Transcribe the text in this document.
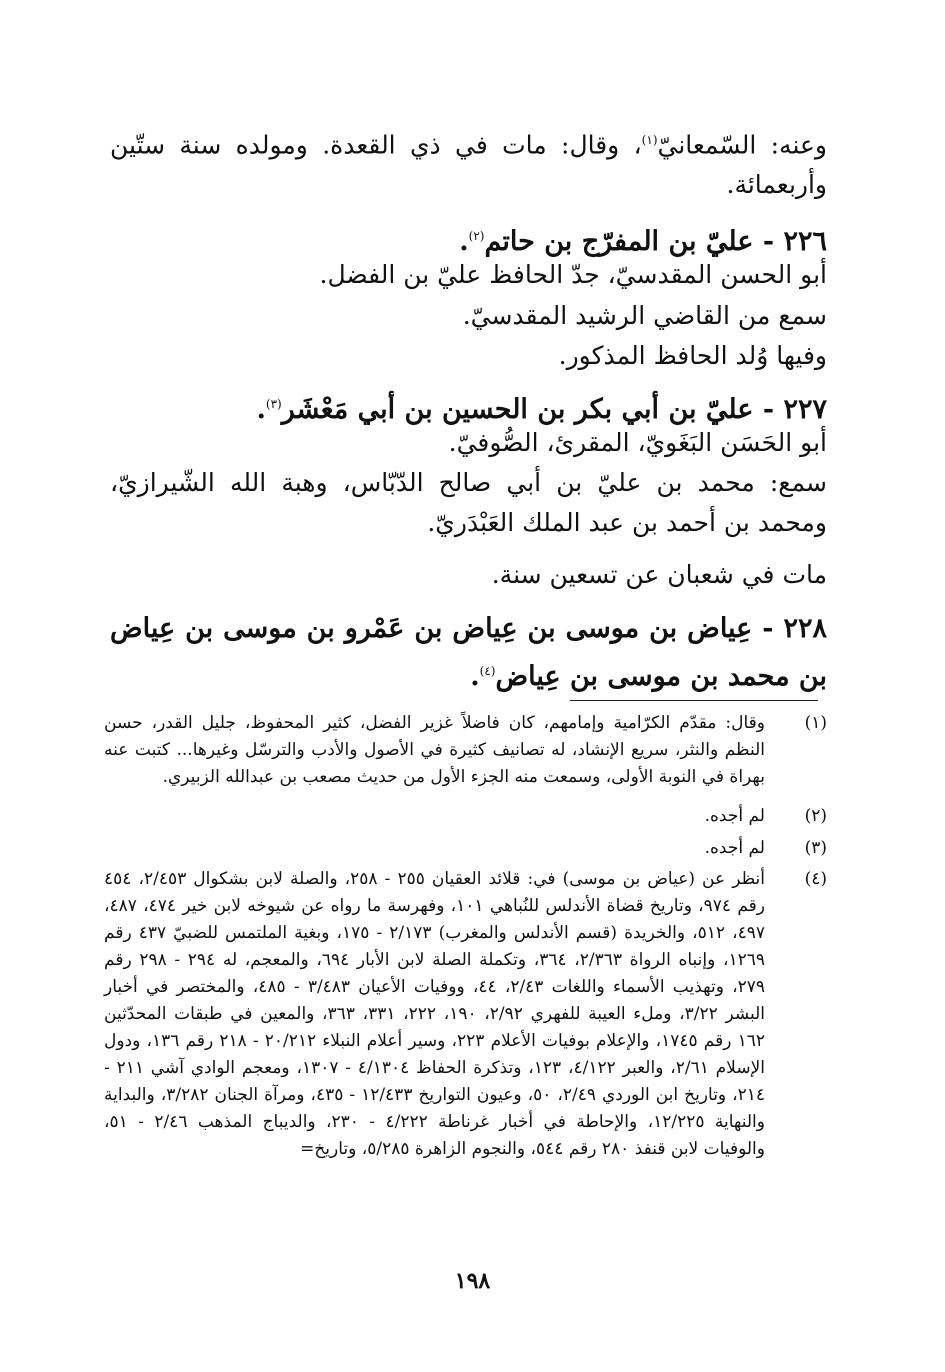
وعنه: السّمعانيّ$^{(١)}$، وقال: مات في ذي القعدة. ومولده سنة ستّين وأربعمائة.
٢٢٦ - عليّ بن المفرّج بن حاتم$^{(٢)}$.
أبو الحسن المقدسيّ، جدّ الحافظ عليّ بن الفضل.
سمع من القاضي الرشيد المقدسيّ.
وفيها وُلد الحافظ المذكور.
٢٢٧ - عليّ بن أبي بكر بن الحسين بن أبي مَعْشَر$^{(٣)}$.
أبو الحَسَن البَغَويّ، المقرئ، الصُّوفيّ.
سمع: محمد بن عليّ بن أبي صالح الدّبّاس، وهبة الله الشّيرازيّ، ومحمد بن أحمد بن عبد الملك العَبْدَريّ.
مات في شعبان عن تسعين سنة.
٢٢٨ - عِياض بن موسى بن عِياض بن عَمْرو بن موسى بن عِياض بن محمد بن موسى بن عِياض$^{(٤)}$.
(١)
وقال: مقدّم الكرّامية وإمامهم، كان فاضلاً غزير الفضل، كثير المحفوظ، جليل القدر، حسن النظم والنثر، سريع الإنشاد، له تصانيف كثيرة في الأصول والأدب والترسّل وغيرها... كتبت عنه بهراة في النوبة الأولى، وسمعت منه الجزء الأول من حديث مصعب بن عبدالله الزبيري.
(٢)
لم أجده.
(٣)
لم أجده.
(٤)
أنظر عن (عياض بن موسى) في: قلائد العقيان ٢٥٥ - ٢٥٨، والصلة لابن بشكوال ٢/٤٥٣، ٤٥٤ رقم ٩٧٤، وتاريخ قضاة الأندلس للنُباهي ١٠١، وفهرسة ما رواه عن شيوخه لابن خير ٤٧٤، ٤٨٧، ٤٩٧، ٥١٢، والخريدة (قسم الأندلس والمغرب) ٢/١٧٣ - ١٧٥، وبغية الملتمس للضبيّ ٤٣٧ رقم ١٢٦٩، وإنباه الرواة ٢/٣٦٣، ٣٦٤، وتكملة الصلة لابن الأبار ٦٩٤، والمعجم، له ٢٩٤ - ٢٩٨ رقم ٢٧٩، وتهذيب الأسماء واللغات ٢/٤٣، ٤٤، ووفيات الأعيان ٣/٤٨٣ - ٤٨٥، والمختصر في أخبار البشر ٣/٢٢، وملء العيبة للفهري ٢/٩٢، ١٩٠، ٢٢٢، ٣٣١، ٣٦٣، والمعين في طبقات المحدّثين ١٦٢ رقم ١٧٤٥، والإعلام بوفيات الأعلام ٢٢٣، وسير أعلام النبلاء ٢٠/٢١٢ - ٢١٨ رقم ١٣٦، ودول الإسلام ٢/٦١، والعبر ٤/١٢٢، ١٢٣، وتذكرة الحفاظ ٤/١٣٠٤ - ١٣٠٧، ومعجم الوادي آشي ٢١١ - ٢١٤، وتاريخ ابن الوردي ٢/٤٩، ٥٠، وعيون التواريخ ١٢/٤٣٣ - ٤٣٥، ومرآة الجنان ٣/٢٨٢، والبداية والنهاية ١٢/٢٢٥، والإحاطة في أخبار غرناطة ٤/٢٢٢ - ٢٣٠، والديباج المذهب ٢/٤٦ - ٥١، والوفيات لابن قنفذ ٢٨٠ رقم ٥٤٤، والنجوم الزاهرة ٥/٢٨٥، وتاريخ=
١٩٨
